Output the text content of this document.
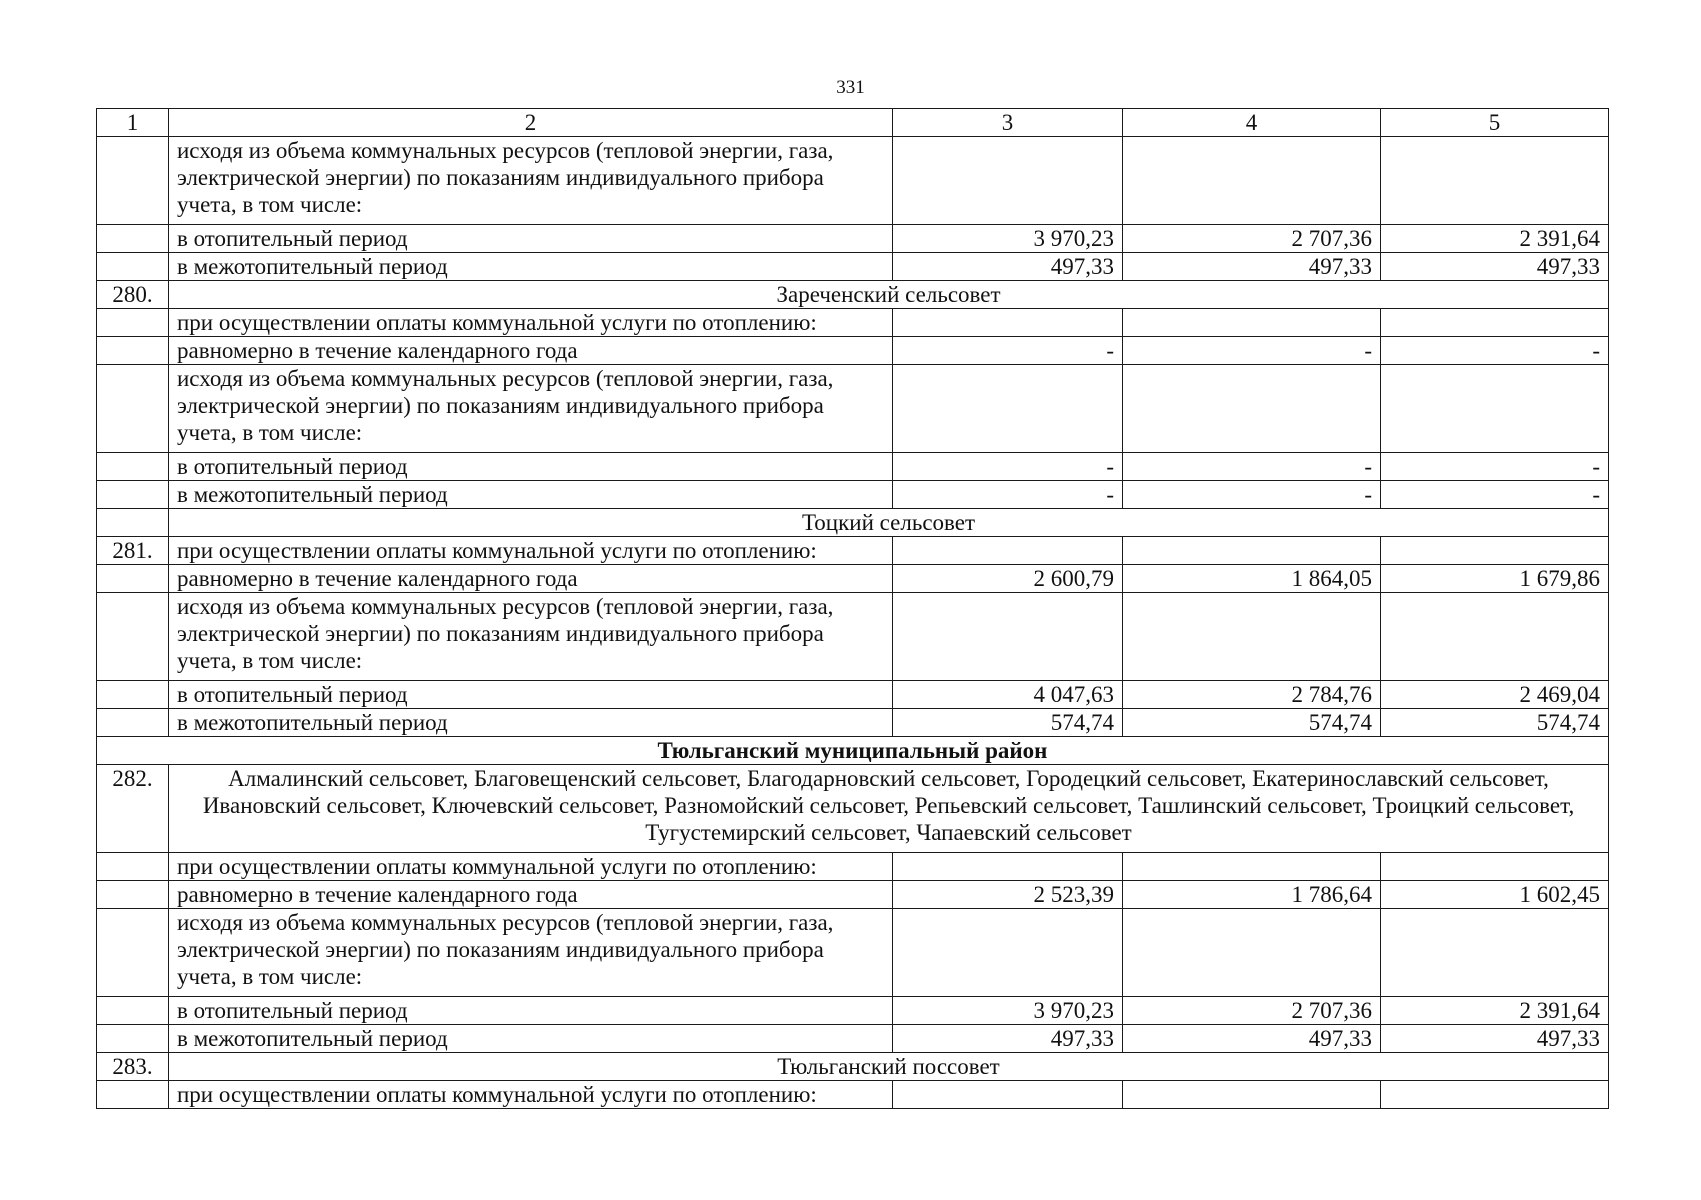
331
1	2	3	4	5
	исходя из объема коммунальных ресурсов (тепловой энергии, газа, электрической энергии) по показаниям индивидуального прибора учета, в том числе:			
	в отопительный период	3 970,23	2 707,36	2 391,64
	в межотопительный период	497,33	497,33	497,33
280.	Зареченский сельсовет			
	при осуществлении оплаты коммунальной услуги по отоплению:			
	равномерно в течение календарного года	-	-	-
	исходя из объема коммунальных ресурсов (тепловой энергии, газа, электрической энергии) по показаниям индивидуального прибора учета, в том числе:			
	в отопительный период	-	-	-
	в межотопительный период	-	-	-
	Тоцкий сельсовет			
281.	при осуществлении оплаты коммунальной услуги по отоплению:			
	равномерно в течение календарного года	2 600,79	1 864,05	1 679,86
	исходя из объема коммунальных ресурсов (тепловой энергии, газа, электрической энергии) по показаниям индивидуального прибора учета, в том числе:			
	в отопительный период	4 047,63	2 784,76	2 469,04
	в межотопительный период	574,74	574,74	574,74
Тюльганский муниципальный район				
282.	Алмалинский сельсовет, Благовещенский сельсовет, Благодарновский сельсовет, Городецкий сельсовет, Екатеринославский сельсовет, Ивановский сельсовет, Ключевский сельсовет, Разномойский сельсовет, Репьевский сельсовет, Ташлинский сельсовет, Троицкий сельсовет, Тугустемирский сельсовет, Чапаевский сельсовет			
	при осуществлении оплаты коммунальной услуги по отоплению:			
	равномерно в течение календарного года	2 523,39	1 786,64	1 602,45
	исходя из объема коммунальных ресурсов (тепловой энергии, газа, электрической энергии) по показаниям индивидуального прибора учета, в том числе:			
	в отопительный период	3 970,23	2 707,36	2 391,64
	в межотопительный период	497,33	497,33	497,33
283.	Тюльганский поссовет			
	при осуществлении оплаты коммунальной услуги по отоплению:			
